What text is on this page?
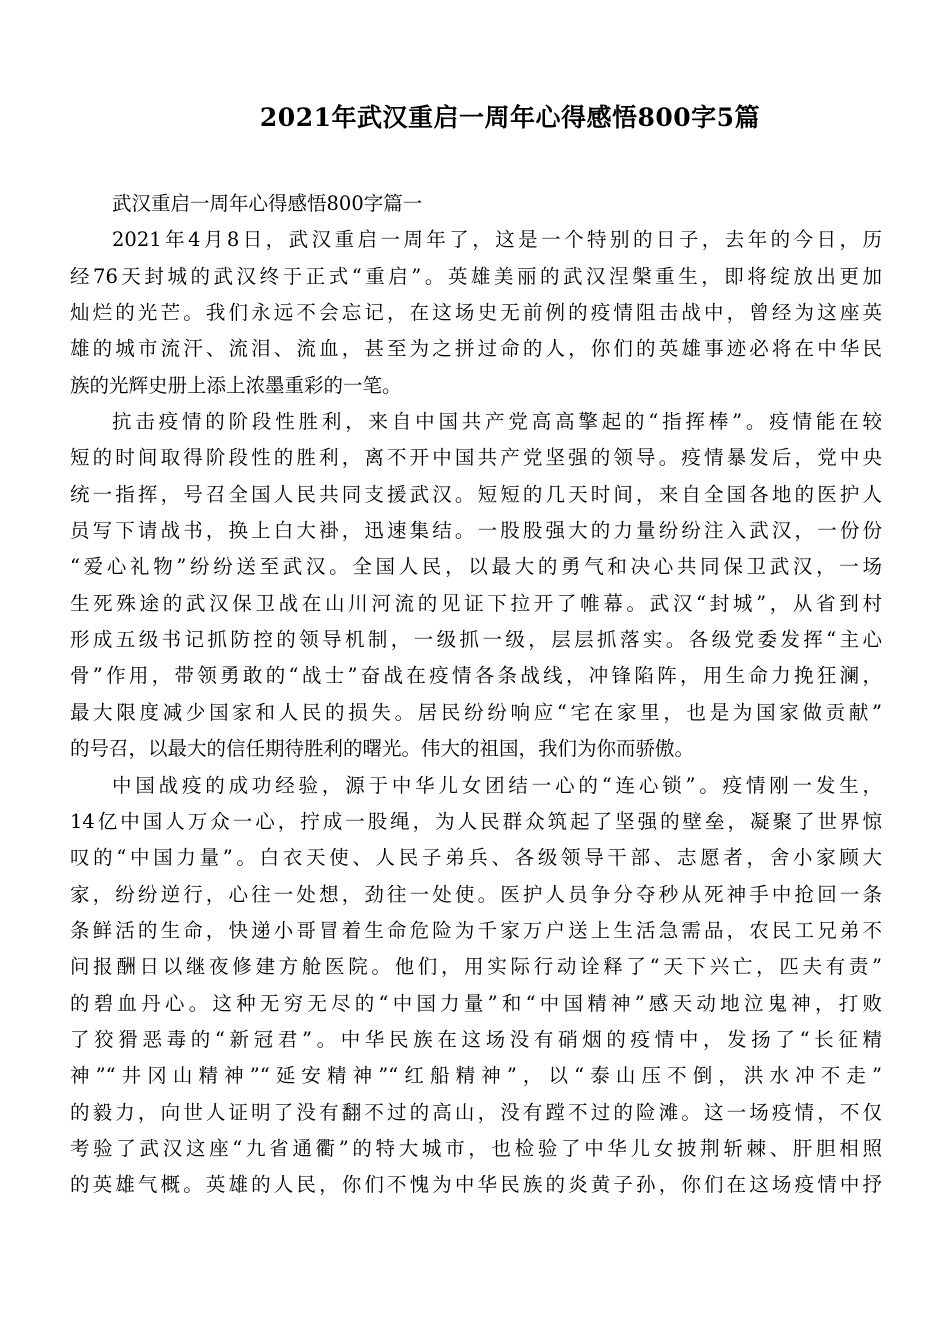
2021年武汉重启一周年心得感悟800字5篇
武汉重启一周年心得感悟800字篇一
2021年4月8日，武汉重启一周年了，这是一个特别的日子，去年的今日，历
经76天封城的武汉终于正式“重启”。英雄美丽的武汉涅槃重生，即将绽放出更加
灿烂的光芒。我们永远不会忘记，在这场史无前例的疫情阻击战中，曾经为这座英
雄的城市流汗、流泪、流血，甚至为之拼过命的人，你们的英雄事迹必将在中华民
族的光辉史册上添上浓墨重彩的一笔。
抗击疫情的阶段性胜利，来自中国共产党高高擎起的“指挥棒”。疫情能在较
短的时间取得阶段性的胜利，离不开中国共产党坚强的领导。疫情暴发后，党中央
统一指挥，号召全国人民共同支援武汉。短短的几天时间，来自全国各地的医护人
员写下请战书，换上白大褂，迅速集结。一股股强大的力量纷纷注入武汉，一份份
“爱心礼物”纷纷送至武汉。全国人民，以最大的勇气和决心共同保卫武汉，一场
生死殊途的武汉保卫战在山川河流的见证下拉开了帷幕。武汉“封城”，从省到村
形成五级书记抓防控的领导机制，一级抓一级，层层抓落实。各级党委发挥“主心
骨”作用，带领勇敢的“战士”奋战在疫情各条战线，冲锋陷阵，用生命力挽狂澜，
最大限度减少国家和人民的损失。居民纷纷响应“宅在家里，也是为国家做贡献”
的号召，以最大的信任期待胜利的曙光。伟大的祖国，我们为你而骄傲。
中国战疫的成功经验，源于中华儿女团结一心的“连心锁”。疫情刚一发生，
14亿中国人万众一心，拧成一股绳，为人民群众筑起了坚强的壁垒，凝聚了世界惊
叹的“中国力量”。白衣天使、人民子弟兵、各级领导干部、志愿者，舍小家顾大
家，纷纷逆行，心往一处想，劲往一处使。医护人员争分夺秒从死神手中抢回一条
条鲜活的生命，快递小哥冒着生命危险为千家万户送上生活急需品，农民工兄弟不
问报酬日以继夜修建方舱医院。他们，用实际行动诠释了“天下兴亡，匹夫有责”
的碧血丹心。这种无穷无尽的“中国力量”和“中国精神”感天动地泣鬼神，打败
了狡猾恶毒的“新冠君”。中华民族在这场没有硝烟的疫情中，发扬了“长征精
神”“井冈山精神”“延安精神”“红船精神”，以“泰山压不倒，洪水冲不走”
的毅力，向世人证明了没有翻不过的高山，没有蹚不过的险滩。这一场疫情，不仅
考验了武汉这座“九省通衢”的特大城市，也检验了中华儿女披荆斩棘、肝胆相照
的英雄气概。英雄的人民，你们不愧为中华民族的炎黄子孙，你们在这场疫情中抒
